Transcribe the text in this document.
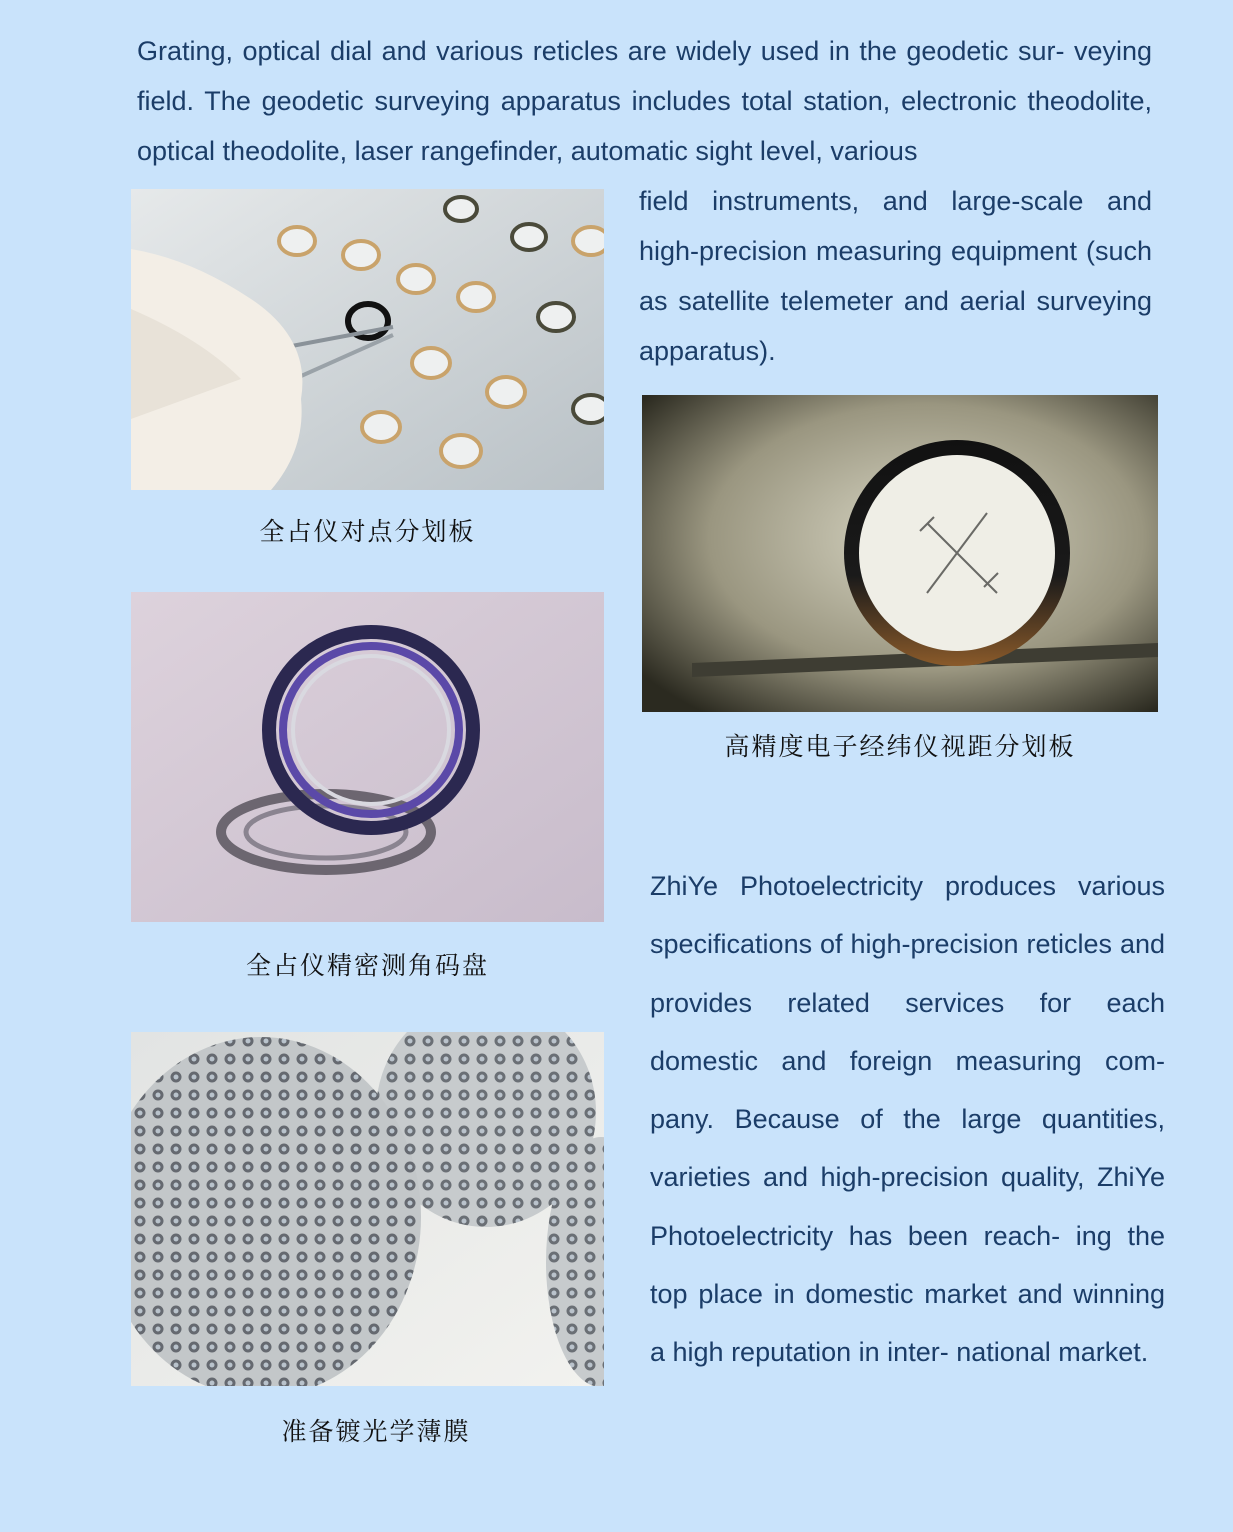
Grating, optical dial and various reticles are widely used in the geodetic sur- veying field. The geodetic surveying apparatus includes total station, electronic theodolite, optical theodolite, laser rangefinder, automatic sight level, various

field instruments, and large-scale and high-precision measuring equipment (such as satellite telemeter and aerial surveying apparatus).

ZhiYe Photoelectricity produces various specifications of high-precision reticles and provides related services for each domestic and foreign measuring com- pany. Because of the large quantities, varieties and high-precision quality, ZhiYe Photoelectricity has been reach- ing the top place in domestic market and winning a high reputation in inter- national market.

全占仪对点分划板
高精度电子经纬仪视距分划板
全占仪精密测角码盘
准备镀光学薄膜
